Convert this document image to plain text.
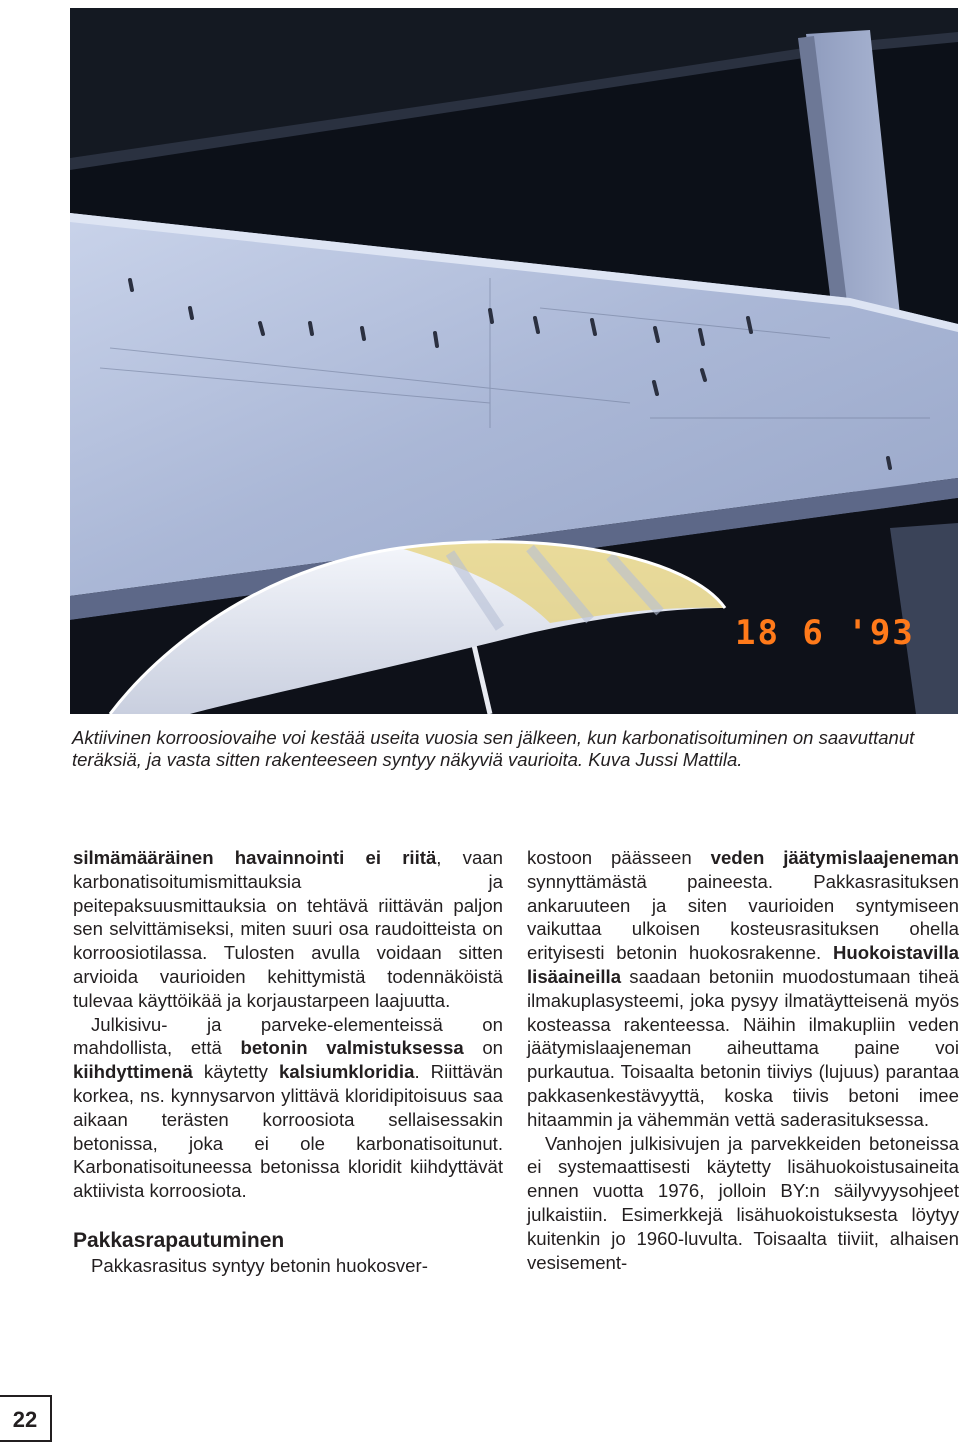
18 6 '93

Aktiivinen korroosiovaihe voi kestää useita vuosia sen jälkeen, kun karbonatisoituminen on saavuttanut teräksiä, ja vasta sitten rakenteeseen syntyy näkyviä vaurioita. Kuva Jussi Mattila.

silmämääräinen havainnointi ei riitä, vaan karbonatisoitumismittauksia ja peitepaksuusmittauksia on tehtävä riittävän paljon sen selvittämiseksi, miten suuri osa raudoitteista on korroosiotilassa. Tulosten avulla voidaan sitten arvioida vaurioiden kehittymistä todennäköistä tulevaa käyttöikää ja korjaustarpeen laajuutta.

Julkisivu- ja parveke-elementeissä on mahdollista, että betonin valmistuksessa on kiihdyttimenä käytetty kalsiumkloridia. Riittävän korkea, ns. kynnysarvon ylittävä kloridipitoisuus saa aikaan terästen korroosiota sellaisessakin betonissa, joka ei ole karbonatisoitunut. Karbonatisoituneessa betonissa kloridit kiihdyttävät aktiivista korroosiota.

Pakkasrapautuminen

Pakkasrasitus syntyy betonin huokosver-

kostoon päässeen veden jäätymislaajeneman synnyttämästä paineesta. Pakkasrasituksen ankaruuteen ja siten vaurioiden syntymiseen vaikuttaa ulkoisen kosteusrasituksen ohella erityisesti betonin huokosrakenne. Huokoistavilla lisäaineilla saadaan betoniin muodostumaan tiheä ilmakuplasysteemi, joka pysyy ilmatäytteisenä myös kosteassa rakenteessa. Näihin ilmakupliin veden jäätymislaajeneman aiheuttama paine voi purkautua. Toisaalta betonin tiiviys (lujuus) parantaa pakkasenkestävyyttä, koska tiivis betoni imee hitaammin ja vähemmän vettä saderasituksessa.

Vanhojen julkisivujen ja parvekkeiden betoneissa ei systemaattisesti käytetty lisähuokoistusaineita ennen vuotta 1976, jolloin BY:n säilyvyysohjeet julkaistiin. Esimerkkejä lisähuokoistuksesta löytyy kuitenkin jo 1960-luvulta. Toisaalta tiiviit, alhaisen vesisement-

22
